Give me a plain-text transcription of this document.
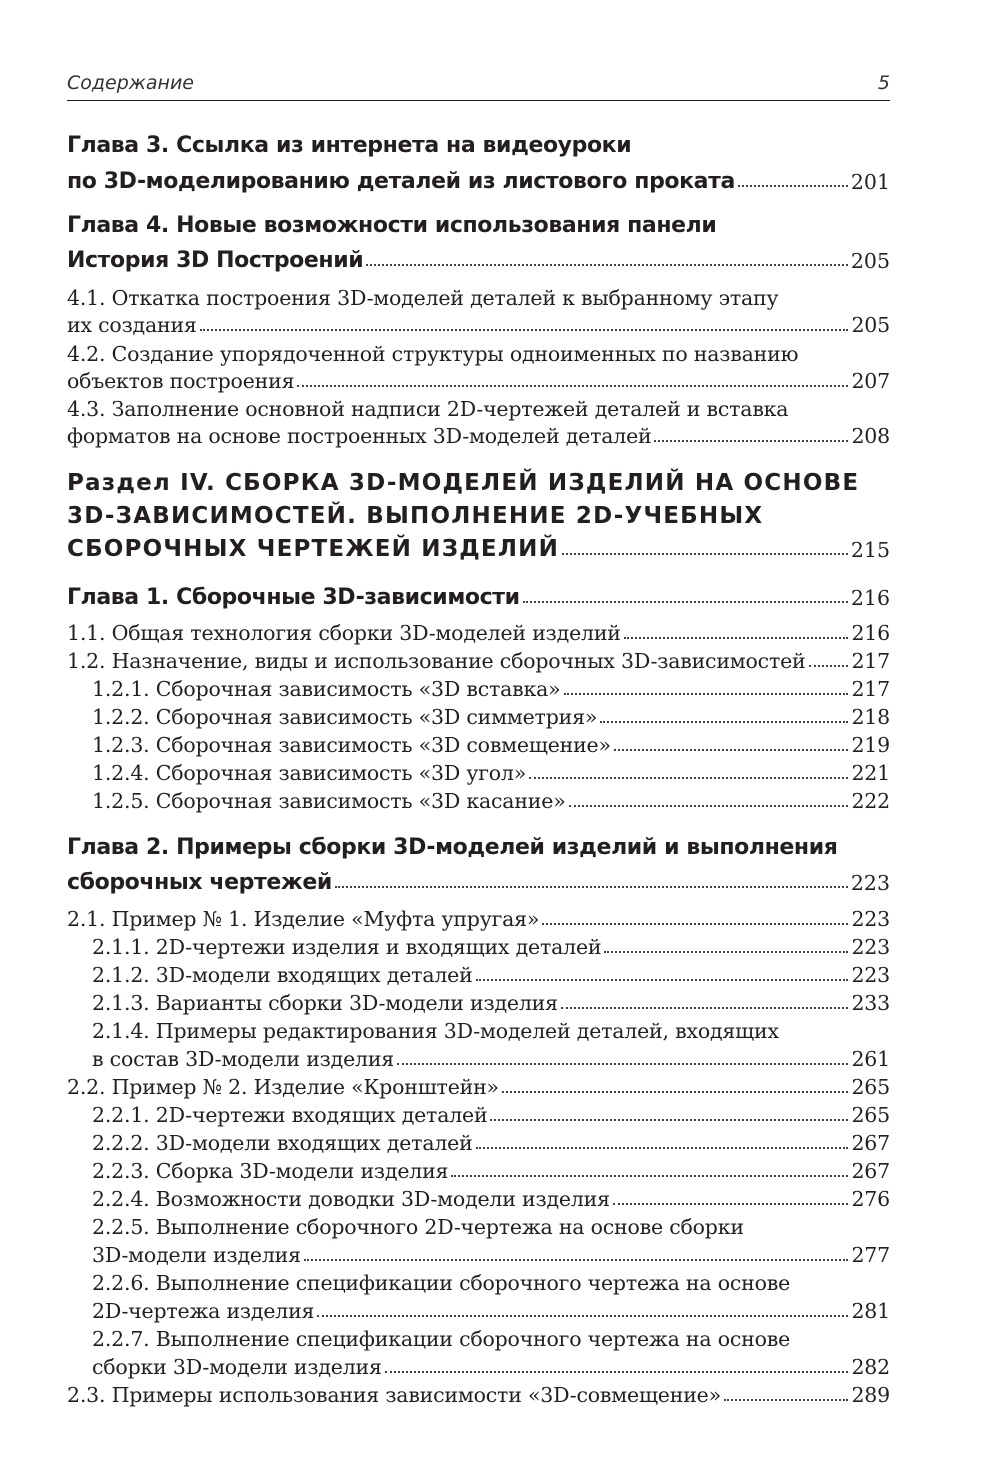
Содержание	5
Глава 3. Ссылка из интернета на видеоуроки
по 3D-моделированию деталей из листового проката	201
Глава 4. Новые возможности использования панели
История 3D Построений	205
4.1. Откатка построения 3D-моделей деталей к выбранному этапу
их создания	205
4.2. Создание упорядоченной структуры одноименных по названию
объектов построения	207
4.3. Заполнение основной надписи 2D-чертежей деталей и вставка
форматов на основе построенных 3D-моделей деталей	208
Раздел IV. СБОРКА 3D-МОДЕЛЕЙ ИЗДЕЛИЙ НА ОСНОВЕ
3D-ЗАВИСИМОСТЕЙ. ВЫПОЛНЕНИЕ 2D-УЧЕБНЫХ
СБОРОЧНЫХ ЧЕРТЕЖЕЙ ИЗДЕЛИЙ	215
Глава 1. Сборочные 3D-зависимости	216
1.1. Общая технология сборки 3D-моделей изделий	216
1.2. Назначение, виды и использование сборочных 3D-зависимостей 217
1.2.1. Сборочная зависимость «3D вставка»	217
1.2.2. Сборочная зависимость «3D симметрия»	218
1.2.3. Сборочная зависимость «3D совмещение»	219
1.2.4. Сборочная зависимость «3D угол»	221
1.2.5. Сборочная зависимость «3D касание»	222
Глава 2. Примеры сборки 3D-моделей изделий и выполнения
сборочных чертежей	223
2.1. Пример № 1. Изделие «Муфта упругая»	223
2.1.1. 2D-чертежи изделия и входящих деталей	223
2.1.2. 3D-модели входящих деталей	223
2.1.3. Варианты сборки 3D-модели изделия	233
2.1.4. Примеры редактирования 3D-моделей деталей, входящих
в состав 3D-модели изделия	261
2.2. Пример № 2. Изделие «Кронштейн»	265
2.2.1. 2D-чертежи входящих деталей	265
2.2.2. 3D-модели входящих деталей	267
2.2.3. Сборка 3D-модели изделия	267
2.2.4. Возможности доводки 3D-модели изделия	276
2.2.5. Выполнение сборочного 2D-чертежа на основе сборки
3D-модели изделия	277
2.2.6. Выполнение спецификации сборочного чертежа на основе
2D-чертежа изделия	281
2.2.7. Выполнение спецификации сборочного чертежа на основе
сборки 3D-модели изделия	282
2.3. Примеры использования зависимости «3D-совмещение»	289
